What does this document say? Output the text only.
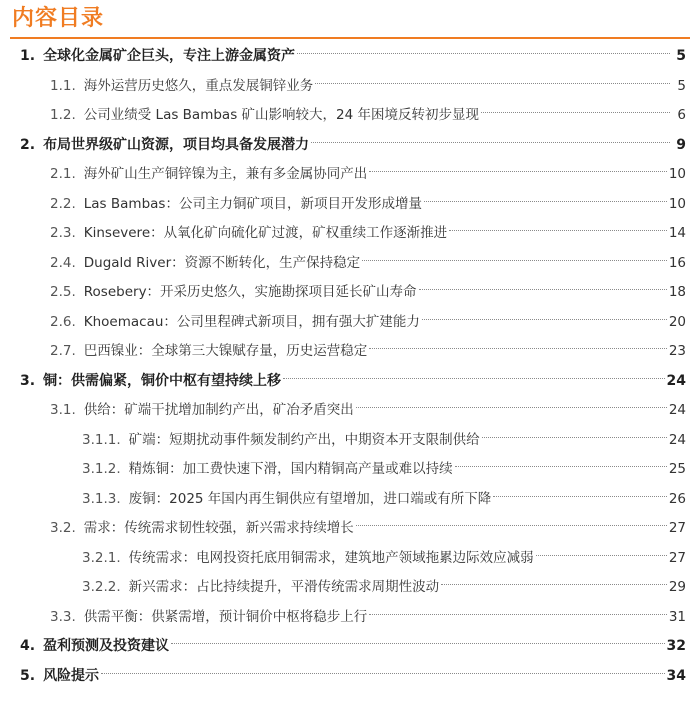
内容目录
1. 全球化金属矿企巨头，专注上游金属资产	5
1.1. 海外运营历史悠久，重点发展铜锌业务	5
1.2. 公司业绩受 Las Bambas 矿山影响较大，24 年困境反转初步显现	6
2. 布局世界级矿山资源，项目均具备发展潜力	9
2.1. 海外矿山生产铜锌镍为主，兼有多金属协同产出	10
2.2. Las Bambas：公司主力铜矿项目，新项目开发形成增量	10
2.3. Kinsevere：从氧化矿向硫化矿过渡，矿权重续工作逐渐推进	14
2.4. Dugald River：资源不断转化，生产保持稳定	16
2.5. Rosebery：开采历史悠久，实施勘探项目延长矿山寿命	18
2.6. Khoemacau：公司里程碑式新项目，拥有强大扩建能力	20
2.7. 巴西镍业：全球第三大镍赋存量，历史运营稳定	23
3. 铜：供需偏紧，铜价中枢有望持续上移	24
3.1. 供给：矿端干扰增加制约产出，矿冶矛盾突出	24
3.1.1. 矿端：短期扰动事件频发制约产出，中期资本开支限制供给	24
3.1.2. 精炼铜：加工费快速下滑，国内精铜高产量或难以持续	25
3.1.3. 废铜：2025 年国内再生铜供应有望增加，进口端或有所下降	26
3.2. 需求：传统需求韧性较强，新兴需求持续增长	27
3.2.1. 传统需求：电网投资托底用铜需求，建筑地产领域拖累边际效应减弱	27
3.2.2. 新兴需求：占比持续提升，平滑传统需求周期性波动	29
3.3. 供需平衡：供紧需增，预计铜价中枢将稳步上行	31
4. 盈利预测及投资建议	32
5. 风险提示	34
